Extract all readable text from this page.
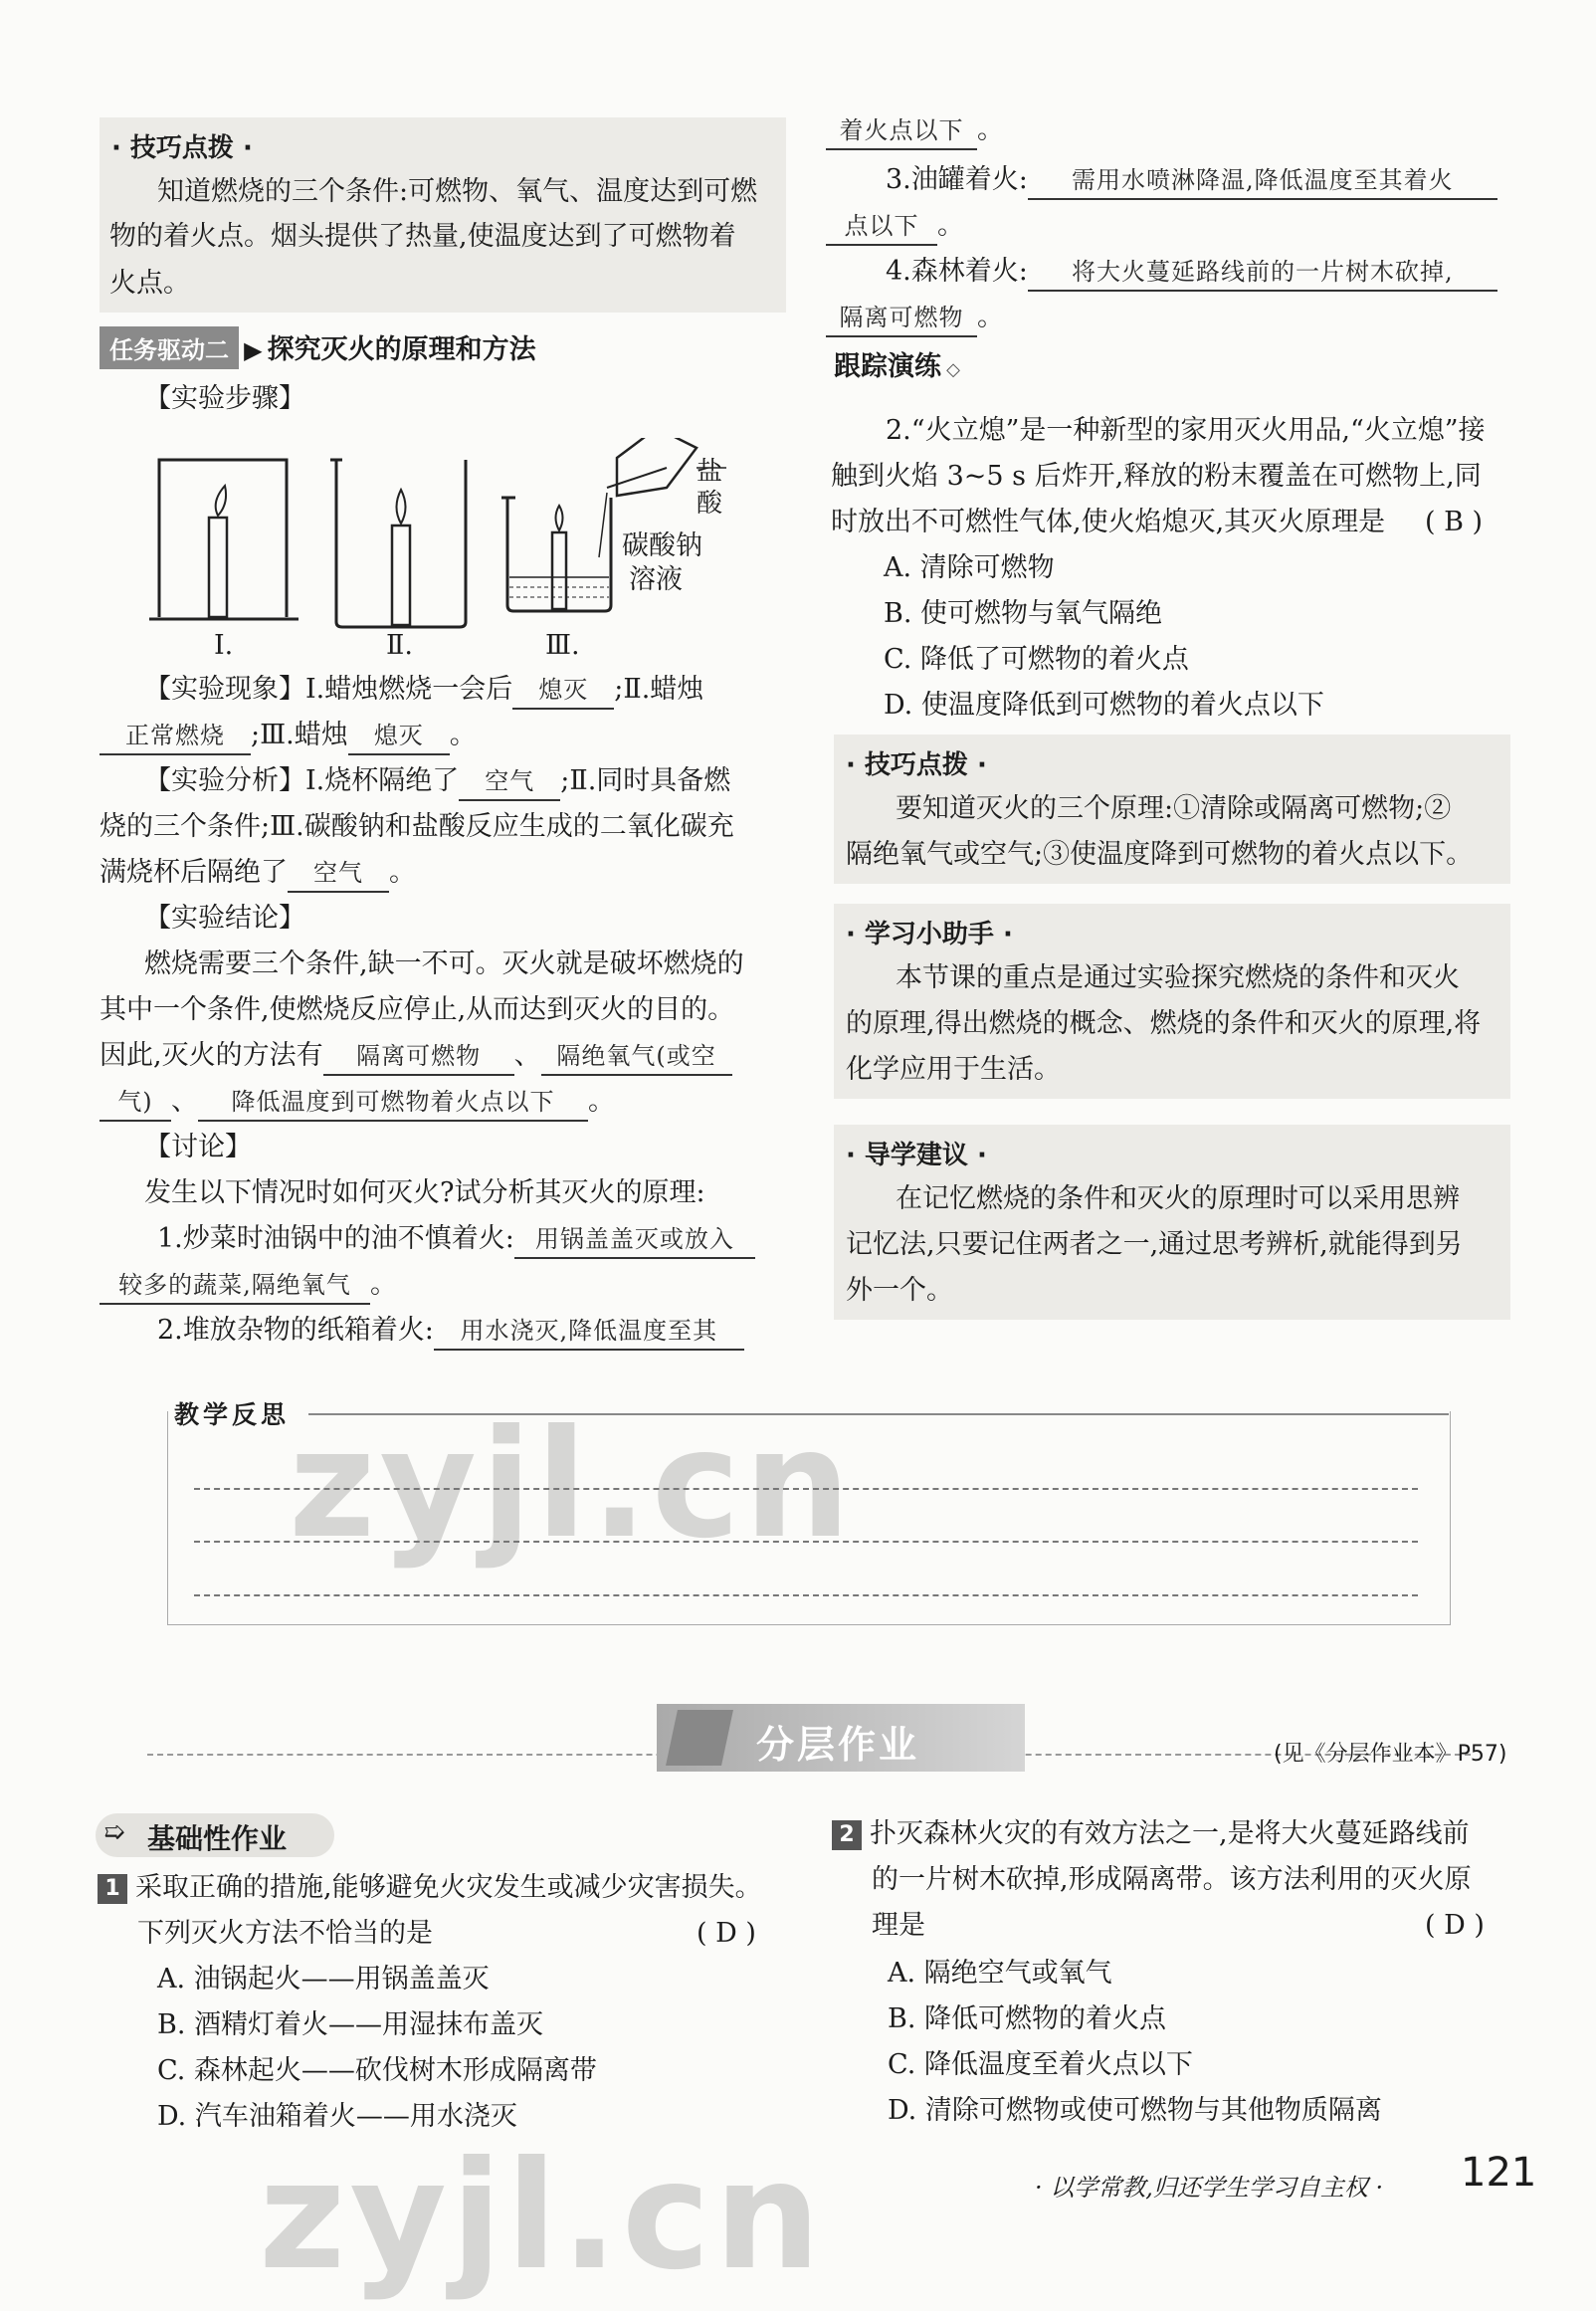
· 技巧点拨 ·
知道燃烧的三个条件:可燃物、氧气、温度达到可燃
物的着火点。烟头提供了热量,使温度达到了可燃物着
火点。
任务驱动二 ▶ 探究灭火的原理和方法
【实验步骤】
盐酸
碳酸钠
溶液
Ⅰ.	Ⅱ.	Ⅲ.
【实验现象】Ⅰ.蜡烛燃烧一会后 熄灭 ;Ⅱ.蜡烛
正常燃烧 ;Ⅲ.蜡烛 熄灭 。
【实验分析】Ⅰ.烧杯隔绝了 空气 ;Ⅱ.同时具备燃
烧的三个条件;Ⅲ.碳酸钠和盐酸反应生成的二氧化碳充
满烧杯后隔绝了 空气 。
【实验结论】
燃烧需要三个条件,缺一不可。灭火就是破坏燃烧的
其中一个条件,使燃烧反应停止,从而达到灭火的目的。
因此,灭火的方法有 隔离可燃物 、 隔绝氧气(或空
气) 、 降低温度到可燃物着火点以下 。
【讨论】
发生以下情况时如何灭火?试分析其灭火的原理:
1.炒菜时油锅中的油不慎着火: 用锅盖盖灭或放入
较多的蔬菜,隔绝氧气 。
2.堆放杂物的纸箱着火: 用水浇灭,降低温度至其
着火点以下 。
3.油罐着火: 需用水喷淋降温,降低温度至其着火
点以下 。
4.森林着火: 将大火蔓延路线前的一片树木砍掉,
隔离可燃物 。
跟踪演练 ◇
2.“火立熄”是一种新型的家用灭火用品,“火立熄”接
触到火焰 3~5 s 后炸开,释放的粉末覆盖在可燃物上,同
时放出不可燃性气体,使火焰熄灭,其灭火原理是 ( B )
A. 清除可燃物
B. 使可燃物与氧气隔绝
C. 降低了可燃物的着火点
D. 使温度降低到可燃物的着火点以下
· 技巧点拨 ·
要知道灭火的三个原理:①清除或隔离可燃物;②
隔绝氧气或空气;③使温度降到可燃物的着火点以下。
· 学习小助手 ·
本节课的重点是通过实验探究燃烧的条件和灭火
的原理,得出燃烧的概念、燃烧的条件和灭火的原理,将
化学应用于生活。
· 导学建议 ·
在记忆燃烧的条件和灭火的原理时可以采用思辨
记忆法,只要记住两者之一,通过思考辨析,就能得到另
外一个。
教学反思
zyjl.cn
分层作业	(见《分层作业本》P57)
➯ 基础性作业
1 采取正确的措施,能够避免火灾发生或减少灾害损失。
下列灭火方法不恰当的是	( D )
A. 油锅起火——用锅盖盖灭
B. 酒精灯着火——用湿抹布盖灭
C. 森林起火——砍伐树木形成隔离带
D. 汽车油箱着火——用水浇灭
2 扑灭森林火灾的有效方法之一,是将大火蔓延路线前
的一片树木砍掉,形成隔离带。该方法利用的灭火原
理是	( D )
A. 隔绝空气或氧气
B. 降低可燃物的着火点
C. 降低温度至着火点以下
D. 清除可燃物或使可燃物与其他物质隔离
zyjl.cn	· 以学常教,归还学生学习自主权 · 121
